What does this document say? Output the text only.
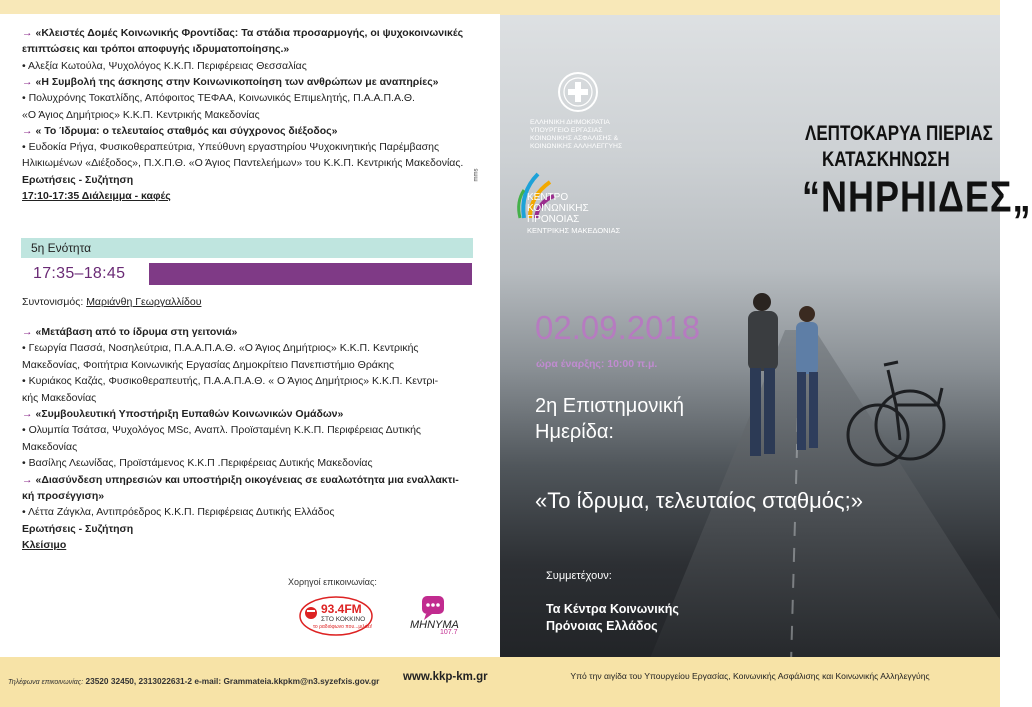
→ «Κλειστές Δομές Κοινωνικής Φροντίδας: Τα στάδια προσαρμογής, οι ψυχοκοινωνικές
επιπτώσεις και τρόποι αποφυγής ιδρυματοποίησης.»
• Αλεξία Κωτούλα, Ψυχολόγος Κ.Κ.Π. Περιφέρειας Θεσσαλίας
→ «Η Συμβολή της άσκησης στην Κοινωνικοποίηση των ανθρώπων με αναπηρίες»
• Πολυχρόνης Τοκατλίδης, Απόφοιτος ΤΕΦΑΑ, Κοινωνικός Επιμελητής, Π.Α.Α.Π.Α.Θ.
«Ο Άγιος Δημήτριος» Κ.Κ.Π. Κεντρικής Μακεδονίας
→ « Το Ίδρυμα: ο τελευταίος σταθμός και σύγχρονος διέξοδος»
• Ευδοκία Ρήγα, Φυσικοθεραπεύτρια, Υπεύθυνη εργαστηρίου Ψυχοκινητικής Παρέμβασης
Ηλικιωμένων «Διέξοδος», Π.Χ.Π.Θ. «Ο Άγιος Παντελεήμων» του Κ.Κ.Π. Κεντρικής Μακεδονίας.
Ερωτήσεις - Συζήτηση
17:10-17:35 Διάλειμμα - καφές
5η Ενότητα
17:35–18:45
Συντονισμός: Μαριάνθη Γεωργαλλίδου
→ «Μετάβαση από το ίδρυμα στη γειτονιά»
• Γεωργία Πασσά, Νοσηλεύτρια, Π.Α.Α.Π.Α.Θ. «Ο Άγιος Δημήτριος» Κ.Κ.Π. Κεντρικής
Μακεδονίας, Φοιτήτρια Κοινωνικής Εργασίας Δημοκρίτειο Πανεπιστήμιο Θράκης
• Κυριάκος Καζάς, Φυσικοθεραπευτής, Π.Α.Α.Π.Α.Θ. « Ο Άγιος Δημήτριος» Κ.Κ.Π. Κεντρι-
κής Μακεδονίας
→ «Συμβουλευτική Υποστήριξη Ευπαθών Κοινωνικών Ομάδων»
• Ολυμπία Τσάτσα, Ψυχολόγος MSc, Αναπλ. Προϊσταμένη Κ.Κ.Π. Περιφέρειας Δυτικής
Μακεδονίας
• Βασίλης Λεωνίδας, Προϊστάμενος Κ.Κ.Π .Περιφέρειας Δυτικής Μακεδονίας
→ «Διασύνδεση υπηρεσιών και υποστήριξη οικογένειας σε ευαλωτότητα μια εναλλακτι-
κή προσέγγιση»
• Λέττα Ζάγκλα, Αντιπρόεδρος Κ.Κ.Π. Περιφέρειας Δυτικής Ελλάδος
Ερωτήσεις - Συζήτηση
Κλείσιμο
mms
Χορηγοί επικοινωνίας:
93.4FM
ΣΤΟ ΚΟΚΚΙΝΟ
το ραδιόφωνο που...μιλάει!	ΜΗΝΥΜΑ
107.7
Τηλέφωνα επικοινωνίας: 23520 32450, 2313022631-2 e-mail: Grammateia.kkpkm@n3.syzefxis.gov.gr www.kkp-km.gr
ΕΛΛΗΝΙΚΗ ΔΗΜΟΚΡΑΤΙΑ
ΥΠΟΥΡΓΕΙΟ ΕΡΓΑΣΙΑΣ
ΚΟΙΝΩΝΙΚΗΣ ΑΣΦΑΛΙΣΗΣ &
ΚΟΙΝΩΝΙΚΗΣ ΑΛΛΗΛΕΓΓΥΗΣ
ΚΕΝΤΡΟ
ΚΟΙΝΩΝΙΚΗΣ
ΠΡΟΝΟΙΑΣ
ΚΕΝΤΡΙΚΗΣ ΜΑΚΕΔΟΝΙΑΣ
ΛΕΠΤΟΚΑΡΥΑ ΠΙΕΡΙΑΣ
ΚΑΤΑΣΚΗΝΩΣΗ
“ΝΗΡΗΙΔΕΣ„
02.09.2018
ώρα έναρξης: 10:00 π.μ.
2η Επιστημονική
Ημερίδα:
«Το ίδρυμα, τελευταίος σταθμός;»
Συμμετέχουν:
Τα Κέντρα Κοινωνικής
Πρόνοιας Ελλάδος
Υπό την αιγίδα του Υπουργείου Εργασίας, Κοινωνικής Ασφάλισης και Κοινωνικής Αλληλεγγύης
